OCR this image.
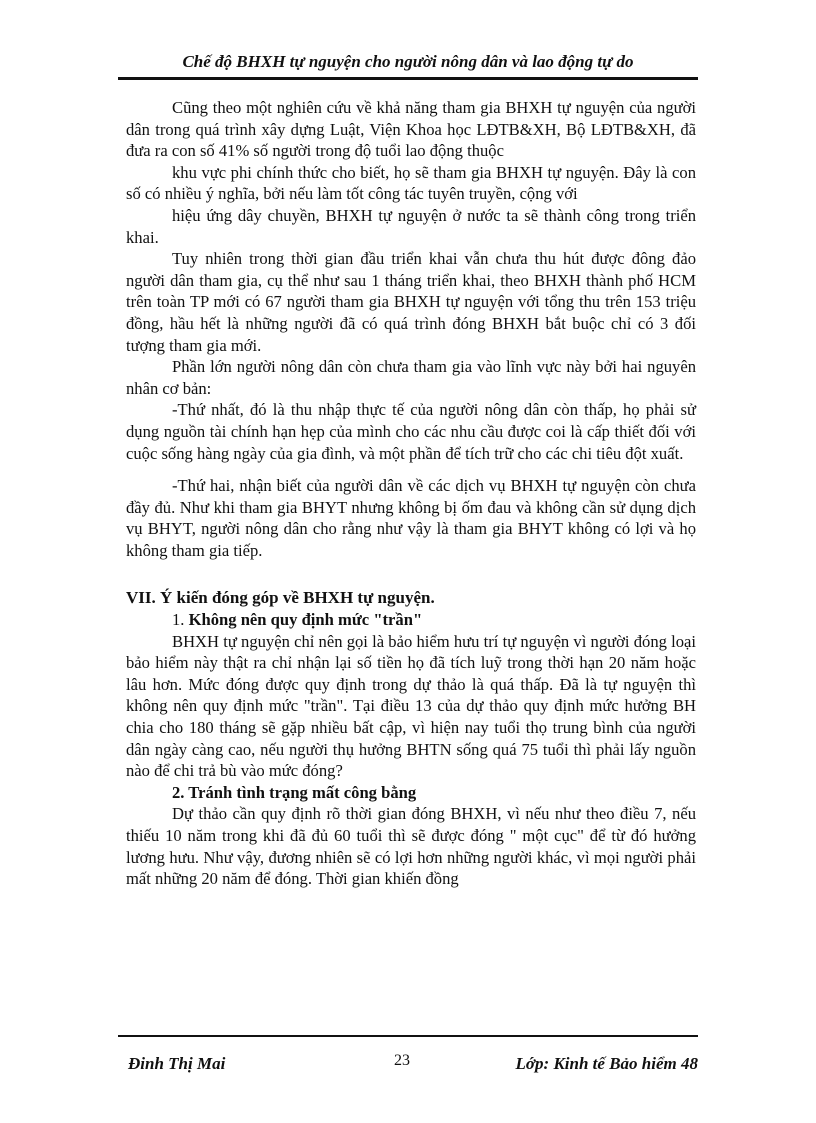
Chế độ BHXH tự nguyện cho người nông dân và lao động tự do

Cũng theo một nghiên cứu về khả năng tham gia BHXH tự nguyện của người dân trong quá trình xây dựng Luật, Viện Khoa học LĐTB&XH, Bộ LĐTB&XH, đã đưa ra con số 41% số người trong độ tuổi lao động thuộc

khu vực phi chính thức cho biết, họ sẽ tham gia BHXH tự nguyện. Đây là con số có nhiều ý nghĩa, bởi nếu làm tốt công tác tuyên truyền, cộng với

hiệu ứng dây chuyền, BHXH tự nguyện ở nước ta sẽ thành công trong triển khai.

Tuy nhiên trong thời gian đầu triển khai vẫn chưa thu hút được đông đảo người dân tham gia, cụ thể như sau 1 tháng triển khai, theo BHXH thành phố HCM trên toàn TP mới có 67 người tham gia BHXH tự nguyện với tổng thu trên 153 triệu đồng, hầu hết là những người đã có quá trình đóng BHXH bắt buộc chỉ có 3 đối tượng tham gia mới.

Phần lớn người nông dân còn chưa tham gia vào lĩnh vực này bởi hai nguyên nhân cơ bản:

-Thứ nhất, đó là thu nhập thực tế của người nông dân còn thấp, họ phải sử dụng nguồn tài chính hạn hẹp của mình cho các nhu cầu được coi là cấp thiết đối với cuộc sống hàng ngày của gia đình, và một phần để tích trữ cho các chi tiêu đột xuất.

-Thứ hai, nhận biết của người dân về các dịch vụ BHXH tự nguyện còn chưa đầy đủ. Như khi tham gia BHYT nhưng không bị ốm đau và không cần sử dụng dịch vụ BHYT, người nông dân cho rằng như vậy là tham gia BHYT không có lợi và họ không tham gia tiếp.

VII. Ý kiến đóng góp về BHXH tự nguyện.

1. Không nên quy định mức "trần"

BHXH tự nguyện chỉ nên gọi là bảo hiểm hưu trí tự nguyện vì người đóng loại bảo hiểm này thật ra chỉ nhận lại số tiền họ đã tích luỹ trong thời hạn 20 năm hoặc lâu hơn. Mức đóng được quy định trong dự thảo là quá thấp. Đã là tự nguyện thì không nên quy định mức "trần". Tại điều 13 của dự thảo quy định mức hưởng BH chia cho 180 tháng sẽ gặp nhiều bất cập, vì hiện nay tuổi thọ trung bình của người dân ngày càng cao, nếu người thụ hưởng BHTN sống quá 75 tuổi thì phải lấy nguồn nào để chi trả bù vào mức đóng?

2. Tránh tình trạng mất công bằng

Dự thảo cần quy định rõ thời gian đóng BHXH, vì nếu như theo điều 7, nếu thiếu 10 năm trong khi đã đủ 60 tuổi thì sẽ được đóng " một cục" để từ đó hưởng lương hưu. Như vậy, đương nhiên sẽ có lợi hơn những người khác, vì mọi người phải mất những 20 năm để đóng. Thời gian khiến đồng

Đinh Thị Mai	23	Lớp: Kinh tế Bảo hiểm 48
